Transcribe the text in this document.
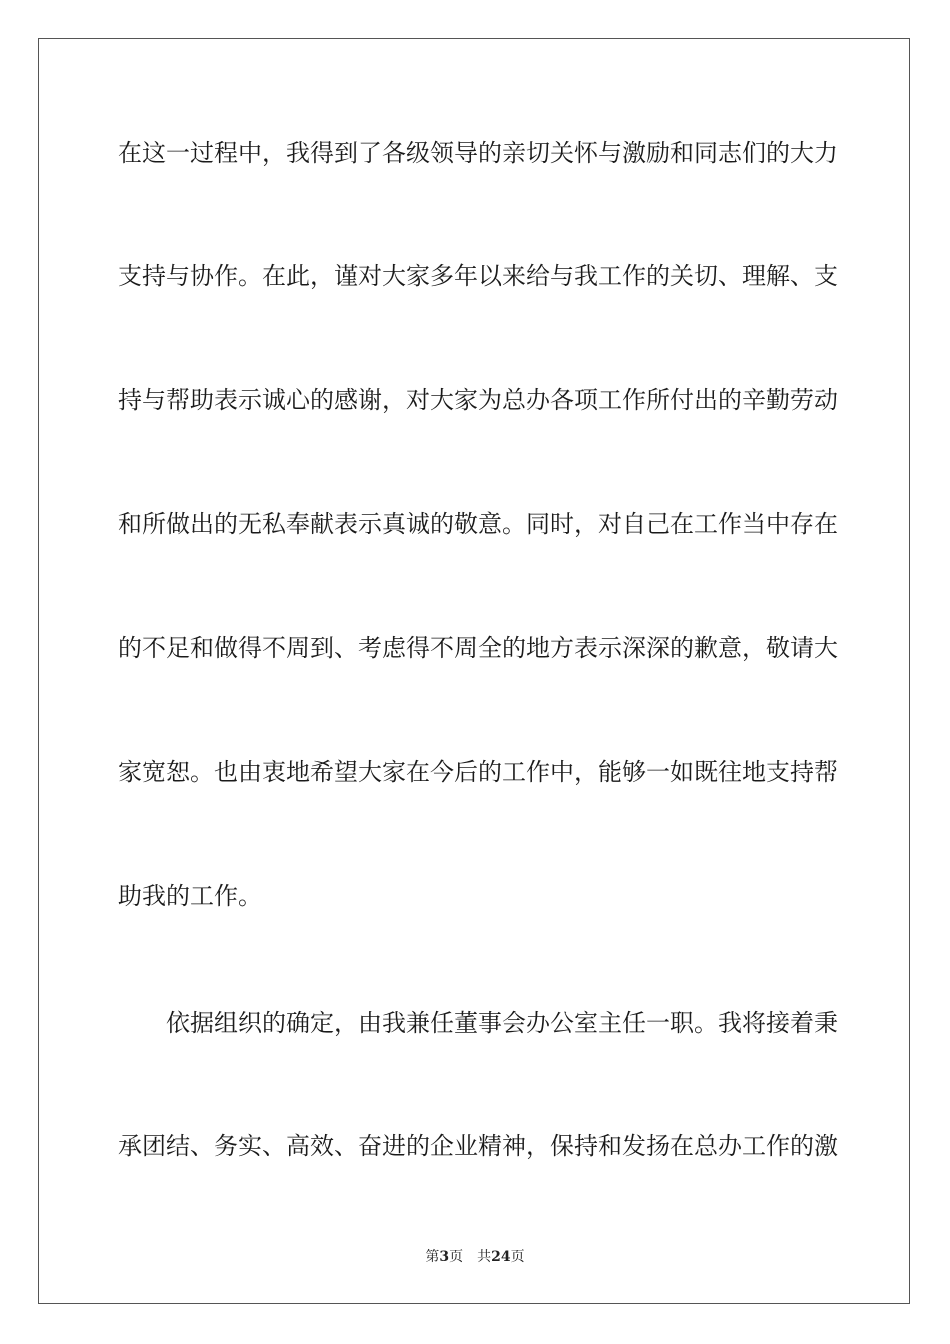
在这一过程中，我得到了各级领导的亲切关怀与激励和同志们的大力
支持与协作。在此，谨对大家多年以来给与我工作的关切、理解、支
持与帮助表示诚心的感谢，对大家为总办各项工作所付出的辛勤劳动
和所做出的无私奉献表示真诚的敬意。同时，对自己在工作当中存在
的不足和做得不周到、考虑得不周全的地方表示深深的歉意，敬请大
家宽恕。也由衷地希望大家在今后的工作中，能够一如既往地支持帮
助我的工作。
依据组织的确定，由我兼任董事会办公室主任一职。我将接着秉
承团结、务实、高效、奋进的企业精神，保持和发扬在总办工作的激
第3页 共24页
